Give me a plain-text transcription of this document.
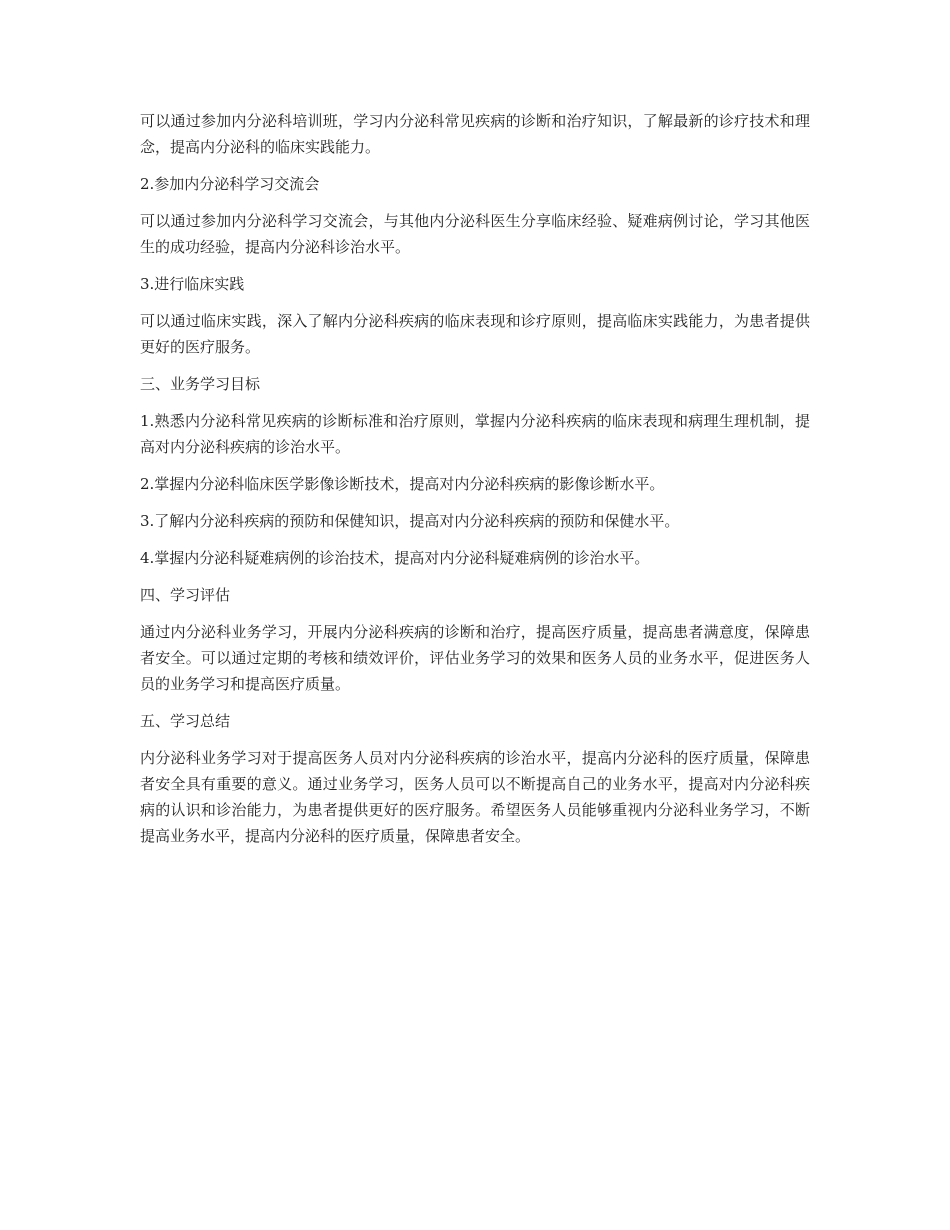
可以通过参加内分泌科培训班，学习内分泌科常见疾病的诊断和治疗知识，了解最新的诊疗技术和理念，提高内分泌科的临床实践能力。

2.参加内分泌科学习交流会

可以通过参加内分泌科学习交流会，与其他内分泌科医生分享临床经验、疑难病例讨论，学习其他医生的成功经验，提高内分泌科诊治水平。

3.进行临床实践

可以通过临床实践，深入了解内分泌科疾病的临床表现和诊疗原则，提高临床实践能力，为患者提供更好的医疗服务。

三、业务学习目标

1.熟悉内分泌科常见疾病的诊断标准和治疗原则，掌握内分泌科疾病的临床表现和病理生理机制，提高对内分泌科疾病的诊治水平。

2.掌握内分泌科临床医学影像诊断技术，提高对内分泌科疾病的影像诊断水平。

3.了解内分泌科疾病的预防和保健知识，提高对内分泌科疾病的预防和保健水平。

4.掌握内分泌科疑难病例的诊治技术，提高对内分泌科疑难病例的诊治水平。

四、学习评估

通过内分泌科业务学习，开展内分泌科疾病的诊断和治疗，提高医疗质量，提高患者满意度，保障患者安全。可以通过定期的考核和绩效评价，评估业务学习的效果和医务人员的业务水平，促进医务人员的业务学习和提高医疗质量。

五、学习总结

内分泌科业务学习对于提高医务人员对内分泌科疾病的诊治水平，提高内分泌科的医疗质量，保障患者安全具有重要的意义。通过业务学习，医务人员可以不断提高自己的业务水平，提高对内分泌科疾病的认识和诊治能力，为患者提供更好的医疗服务。希望医务人员能够重视内分泌科业务学习，不断提高业务水平，提高内分泌科的医疗质量，保障患者安全。
